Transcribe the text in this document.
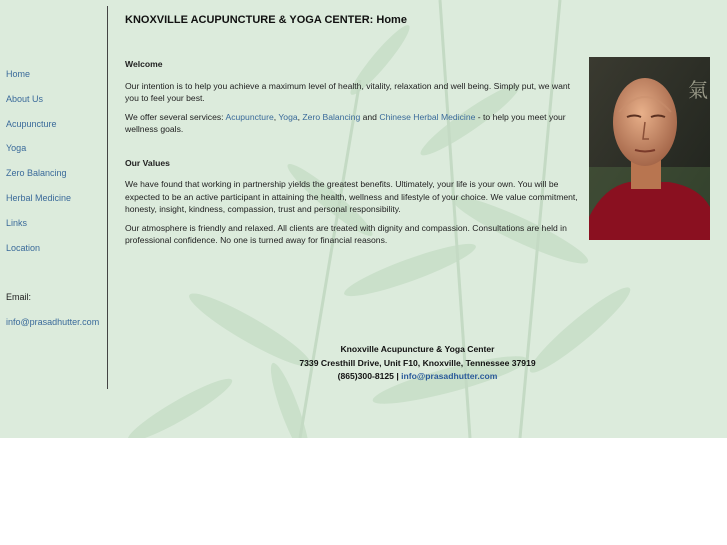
Home
About Us
Acupuncture
Yoga
Zero Balancing
Herbal Medicine
Links
Location
Email:
info@prasadhutter.com
KNOXVILLE ACUPUNCTURE & YOGA CENTER: Home
Welcome

Our intention is to help you achieve a maximum level of health, vitality, relaxation and well being. Simply put, we want you to feel your best.

We offer several services: Acupuncture, Yoga, Zero Balancing and Chinese Herbal Medicine - to help you meet your wellness goals.

Our Values

We have found that working in partnership yields the greatest benefits. Ultimately, your life is your own. You will be expected to be an active participant in attaining the health, wellness and lifestyle of your choice. We value commitment, honesty, insight, kindness, compassion, trust and personal responsibility.

Our atmosphere is friendly and relaxed. All clients are treated with dignity and compassion. Consultations are held in professional confidence. No one is turned away for financial reasons.

氣
Knoxville Acupuncture & Yoga Center
7339 Cresthill Drive, Unit F10, Knoxville, Tennessee 37919
(865)300-8125 | info@prasadhutter.com
